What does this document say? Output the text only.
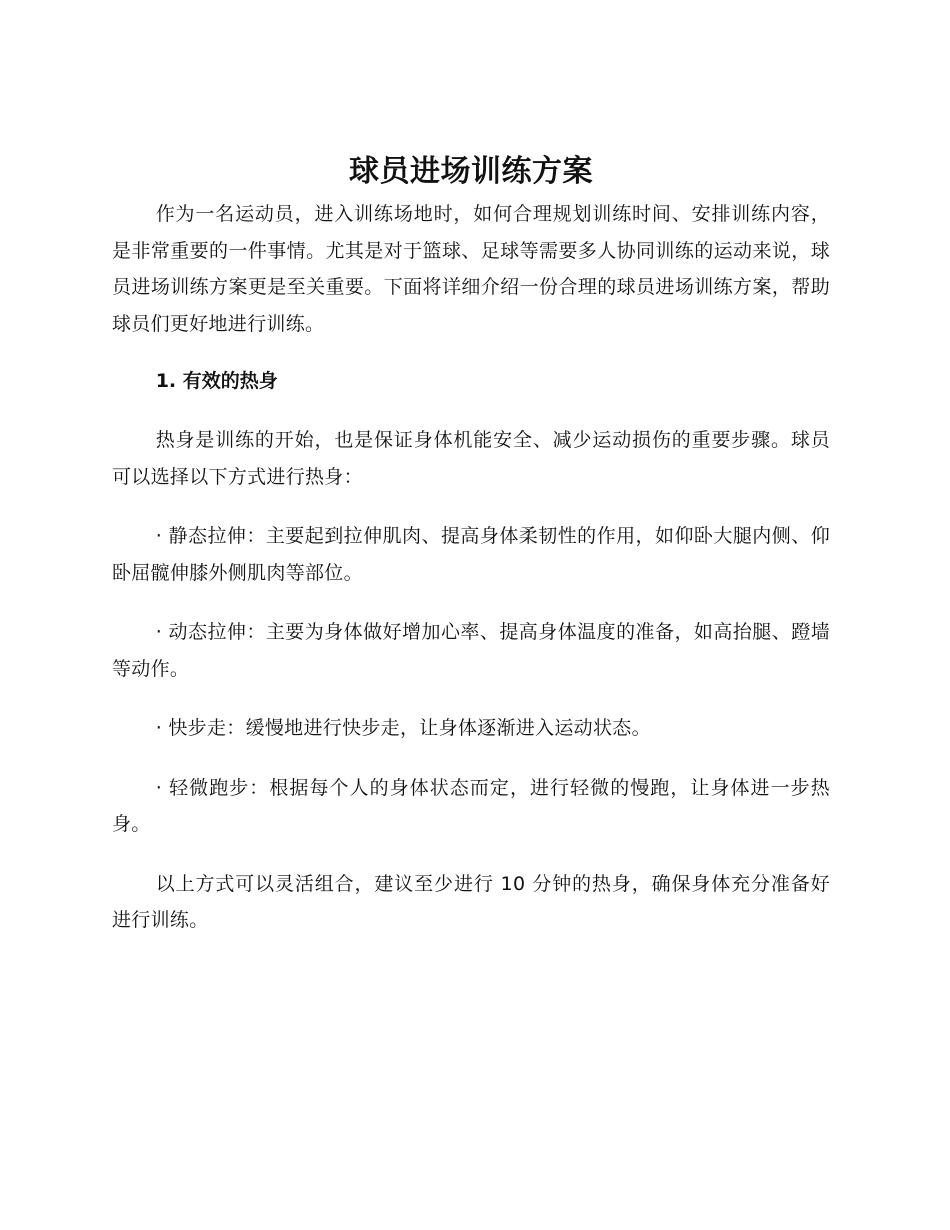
球员进场训练方案

作为一名运动员，进入训练场地时，如何合理规划训练时间、安排训练内容，是非常重要的一件事情。尤其是对于篮球、足球等需要多人协同训练的运动来说，球员进场训练方案更是至关重要。下面将详细介绍一份合理的球员进场训练方案，帮助球员们更好地进行训练。

1. 有效的热身

热身是训练的开始，也是保证身体机能安全、减少运动损伤的重要步骤。球员可以选择以下方式进行热身：

· 静态拉伸：主要起到拉伸肌肉、提高身体柔韧性的作用，如仰卧大腿内侧、仰卧屈髋伸膝外侧肌肉等部位。

· 动态拉伸：主要为身体做好增加心率、提高身体温度的准备，如高抬腿、蹬墙等动作。

· 快步走：缓慢地进行快步走，让身体逐渐进入运动状态。

· 轻微跑步：根据每个人的身体状态而定，进行轻微的慢跑，让身体进一步热身。

以上方式可以灵活组合，建议至少进行 10 分钟的热身，确保身体充分准备好进行训练。
